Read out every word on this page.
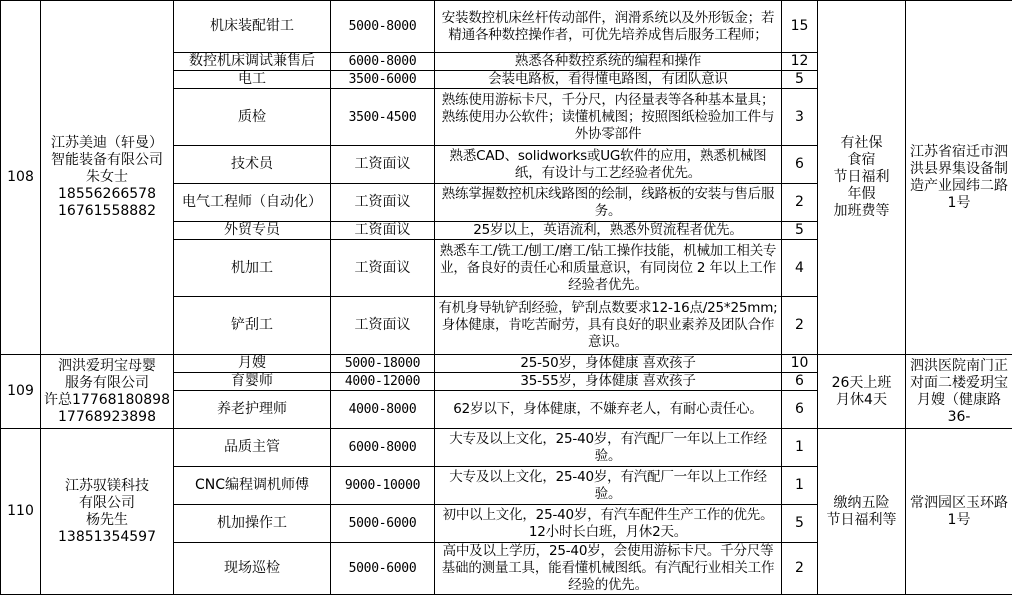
108	江苏美迪（轩曼）
智能装备有限公司
朱女士
18556266578
16761558882	机床装配钳工	5000-8000	安装数控机床丝杆传动部件，润滑系统以及外形钣金；若精通各种数控操作者，可优先培养成售后服务工程师；	15	有社保
食宿
节日福利
年假
加班费等	江苏省宿迁市泗洪县界集设备制造产业园纬二路1号
		数控机床调试兼售后	6000-8000	熟悉各种数控系统的编程和操作	12		
		电工	3500-6000	会装电路板，看得懂电路图，有团队意识	5		
		质检	3500-4500	熟练使用游标卡尺，千分尺，内径量表等各种基本量具；熟练使用办公软件；读懂机械图；按照图纸检验加工件与外协零部件	3		
		技术员	工资面议	熟悉CAD、solidworks或UG软件的应用，熟悉机械图纸，有设计与工艺经验者优先。	6		
		电气工程师（自动化）	工资面议	熟练掌握数控机床线路图的绘制，线路板的安装与售后服务。	2		
		外贸专员	工资面议	25岁以上，英语流利，熟悉外贸流程者优先。	5		
		机加工	工资面议	熟悉车工/铣工/刨工/磨工/钻工操作技能，机械加工相关专业，备良好的责任心和质量意识，有同岗位 2 年以上工作经验者优先。	4		
		铲刮工	工资面议	有机身导轨铲刮经验，铲刮点数要求12-16点/25*25mm;身体健康，肯吃苦耐劳，具有良好的职业素养及团队合作意识。	2		
109	泗洪爱玥宝母婴
服务有限公司
许总17768180898
17768923898	月嫂	5000-18000	25-50岁，身体健康 喜欢孩子	10	26天上班
月休4天	泗洪医院南门正对面二楼爱玥宝月嫂（健康路36-
		育婴师	4000-12000	35-55岁，身体健康 喜欢孩子	6		
		养老护理师	4000-8000	62岁以下，身体健康，不嫌弃老人，有耐心责任心。	6		
110	江苏驭镁科技
有限公司
杨先生
13851354597	品质主管	6000-8000	大专及以上文化，25-40岁，有汽配厂一年以上工作经验。	1	缴纳五险
节日福利等	常泗园区玉环路1号
		CNC编程调机师傅	9000-10000	大专及以上文化，25-40岁，有汽配厂一年以上工作经验。	1		
		机加操作工	5000-6000	初中以上文化，25-40岁，有汽车配件生产工作的优先。12小时长白班，月休2天。	5		
		现场巡检	5000-6000	高中及以上学历，25-40岁，会使用游标卡尺。千分尺等基础的测量工具，能看懂机械图纸。有汽配行业相关工作经验的优先。	2		
